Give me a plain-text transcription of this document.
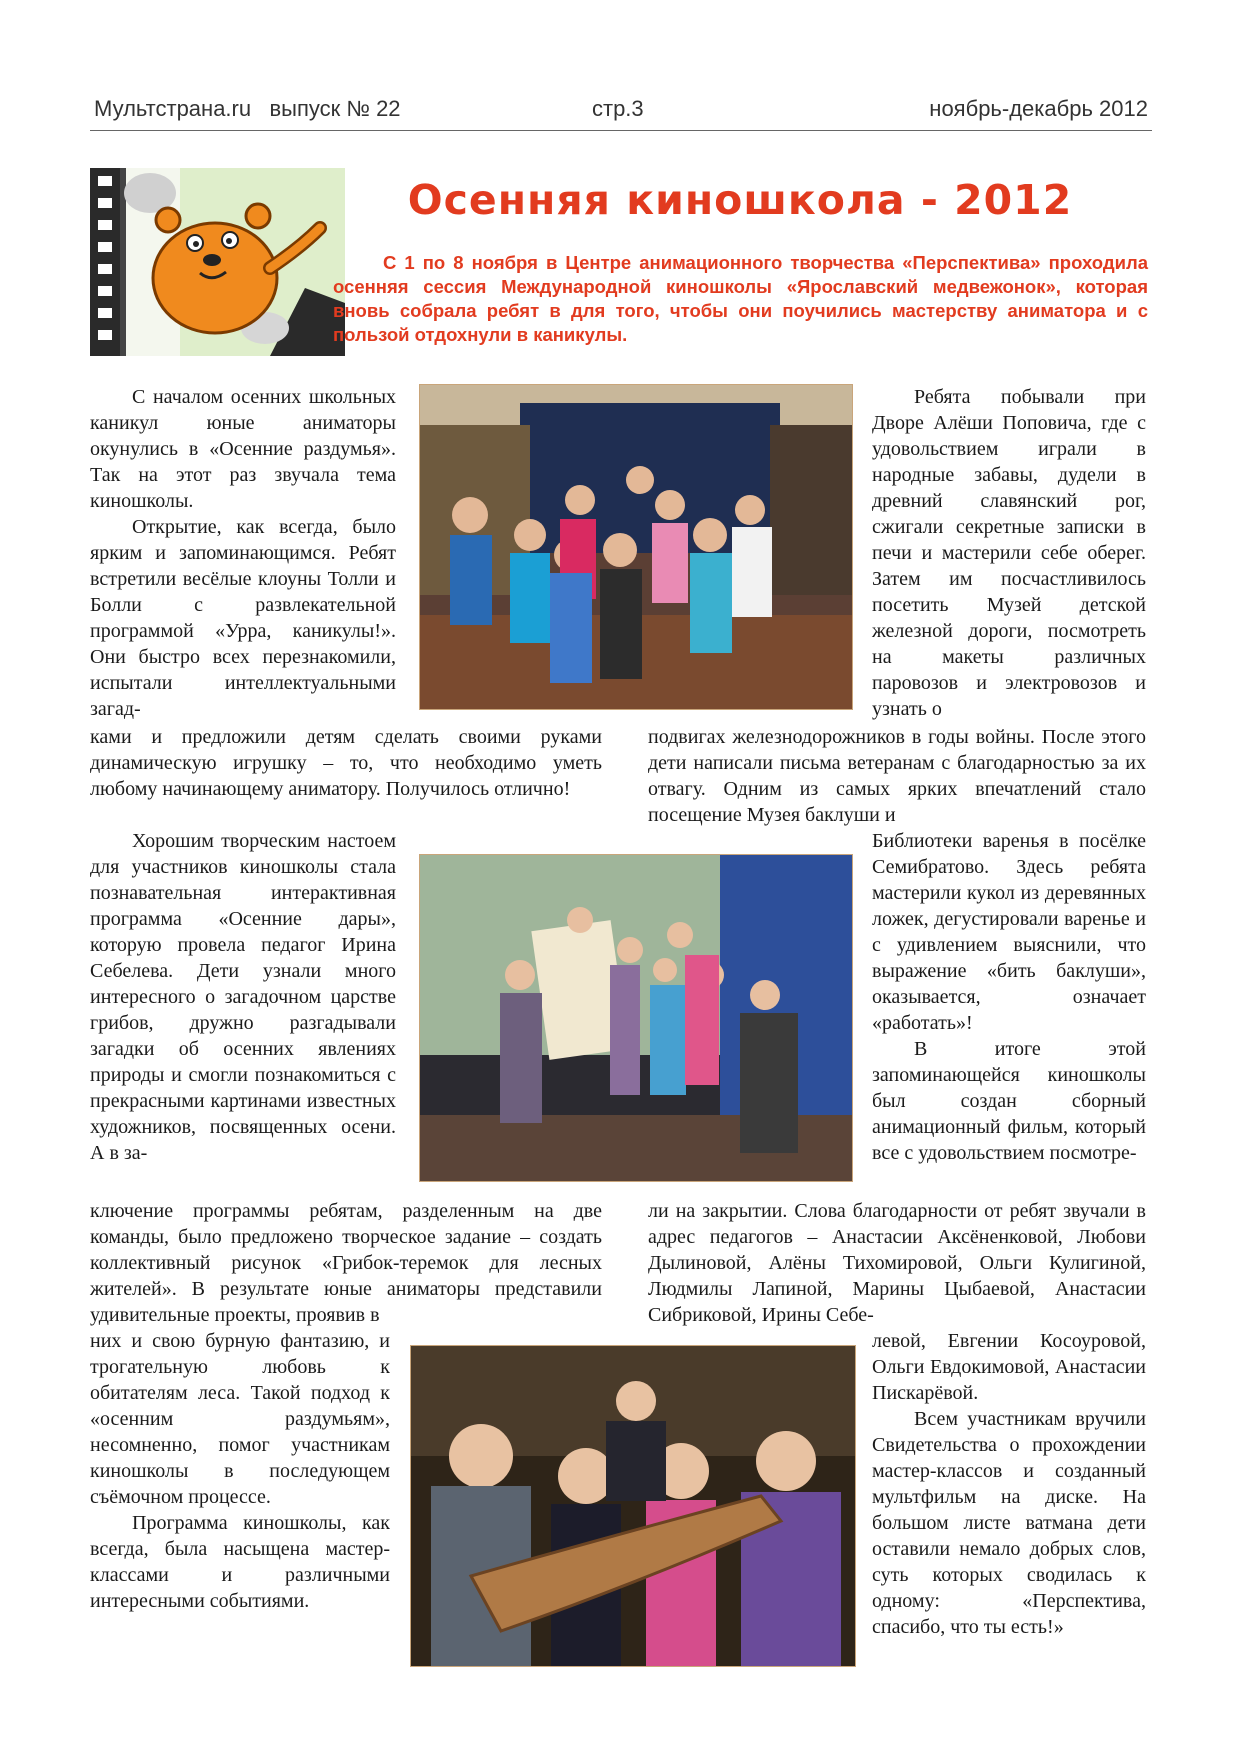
Мультстрана.ru выпуск № 22	стр.3	ноябрь-декабрь 2012
Осенняя киношкола - 2012

С 1 по 8 ноября в Центре анимационного творчества «Перспектива» проходила осенняя сессия Международной киношколы «Ярославский медвежонок», которая вновь собрала ребят в для того, чтобы они поучились мастерству аниматора и с пользой отдохнули в каникулы.

С началом осенних школьных каникул юные аниматоры окунулись в «Осенние раздумья». Так на этот раз звучала тема киношколы.

Открытие, как всегда, было ярким и запоминающимся. Ребят встретили весёлые клоуны Толли и Болли с развлекательной программой «Урра, каникулы!». Они быстро всех перезнакомили, испытали интеллектуальными загад-

ками и предложили детям сделать своими руками динамическую игрушку – то, что необходимо уметь любому начинающему аниматору. Получилось отлично!

Хорошим творческим настоем для участников киношколы стала познавательная интерактивная программа «Осенние дары», которую провела педагог Ирина Себелева. Дети узнали много интересного о загадочном царстве грибов, дружно разгадывали загадки об осенних явлениях природы и смогли познакомиться с прекрасными картинами известных художников, посвященных осени. А в за-

ключение программы ребятам, разделенным на две команды, было предложено творческое задание – создать коллективный рисунок «Грибок-теремок для лесных жителей». В результате юные аниматоры представили удивительные проекты, проявив в

них и свою бурную фантазию, и трогательную любовь к обитателям леса. Такой подход к «осенним раздумьям», несомненно, помог участникам киношколы в последующем съёмочном процессе.

Программа киношколы, как всегда, была насыщена мастер-классами и различными интересными событиями.

Ребята побывали при Дворе Алёши Поповича, где с удовольствием играли в народные забавы, дудели в древний славянский рог, сжигали секретные записки в печи и мастерили себе оберег. Затем им посчастливилось посетить Музей детской железной дороги, посмотреть на макеты различных паровозов и электровозов и узнать о

подвигах железнодорожников в годы войны. После этого дети написали письма ветеранам с благодарностью за их отвагу. Одним из самых ярких впечатлений стало посещение Музея баклуши и

Библиотеки варенья в посёлке Семибратово. Здесь ребята мастерили кукол из деревянных ложек, дегустировали варенье и с удивлением выяснили, что выражение «бить баклуши», оказывается, означает «работать»!

В итоге этой запоминающейся киношколы был создан сборный анимационный фильм, который все с удовольствием посмотре-

ли на закрытии. Слова благодарности от ребят звучали в адрес педагогов – Анастасии Аксёненковой, Любови Дылиновой, Алёны Тихомировой, Ольги Кулигиной, Людмилы Лапиной, Марины Цыбаевой, Анастасии Сибриковой, Ирины Себе-

левой, Евгении Косоуровой, Ольги Евдокимовой, Анастасии Пискарёвой.

Всем участникам вручили Свидетельства о прохождении мастер-классов и созданный мультфильм на диске. На большом листе ватмана дети оставили немало добрых слов, суть которых сводилась к одному: «Перспектива, спасибо, что ты есть!»
